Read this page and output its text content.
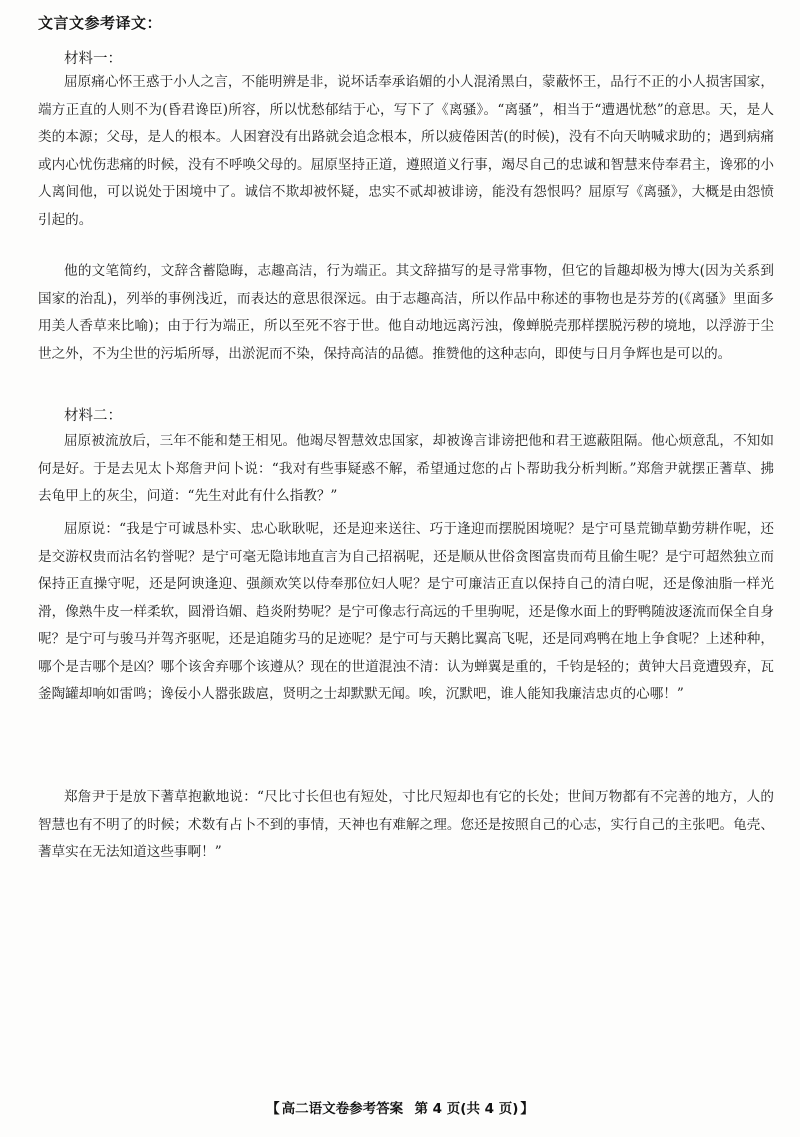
文言文参考译文：
材料一：

屈原痛心怀王惑于小人之言，不能明辨是非，说坏话奉承谄媚的小人混淆黑白，蒙蔽怀王，品行不正的小人损害国家，端方正直的人则不为(昏君谗臣)所容，所以忧愁郁结于心，写下了《离骚》。“离骚”，相当于“遭遇忧愁”的意思。天，是人类的本源；父母，是人的根本。人困窘没有出路就会追念根本，所以疲倦困苦(的时候)，没有不向天呐喊求助的；遇到病痛或内心忧伤悲痛的时候，没有不呼唤父母的。屈原坚持正道，遵照道义行事，竭尽自己的忠诚和智慧来侍奉君主，谗邪的小人离间他，可以说处于困境中了。诚信不欺却被怀疑，忠实不贰却被诽谤，能没有怨恨吗？屈原写《离骚》，大概是由怨愤引起的。

他的文笔简约，文辞含蓄隐晦，志趣高洁，行为端正。其文辞描写的是寻常事物，但它的旨趣却极为博大(因为关系到国家的治乱)，列举的事例浅近，而表达的意思很深远。由于志趣高洁，所以作品中称述的事物也是芬芳的(《离骚》里面多用美人香草来比喻)；由于行为端正，所以至死不容于世。他自动地远离污浊，像蝉脱壳那样摆脱污秽的境地，以浮游于尘世之外，不为尘世的污垢所辱，出淤泥而不染，保持高洁的品德。推赞他的这种志向，即使与日月争辉也是可以的。

材料二：

屈原被流放后，三年不能和楚王相见。他竭尽智慧效忠国家，却被谗言诽谤把他和君王遮蔽阻隔。他心烦意乱，不知如何是好。于是去见太卜郑詹尹问卜说：“我对有些事疑惑不解，希望通过您的占卜帮助我分析判断。”郑詹尹就摆正蓍草、拂去龟甲上的灰尘，问道：“先生对此有什么指教？”

屈原说：“我是宁可诚恳朴实、忠心耿耿呢，还是迎来送往、巧于逢迎而摆脱困境呢？是宁可垦荒锄草勤劳耕作呢，还是交游权贵而沽名钓誉呢？是宁可毫无隐讳地直言为自己招祸呢，还是顺从世俗贪图富贵而苟且偷生呢？是宁可超然独立而保持正直操守呢，还是阿谀逢迎、强颜欢笑以侍奉那位妇人呢？是宁可廉洁正直以保持自己的清白呢，还是像油脂一样光滑，像熟牛皮一样柔软，圆滑诌媚、趋炎附势呢？是宁可像志行高远的千里驹呢，还是像水面上的野鸭随波逐流而保全自身呢？是宁可与骏马并驾齐驱呢，还是追随劣马的足迹呢？是宁可与天鹅比翼高飞呢，还是同鸡鸭在地上争食呢？上述种种，哪个是吉哪个是凶？哪个该舍弃哪个该遵从？现在的世道混浊不清：认为蝉翼是重的，千钧是轻的；黄钟大吕竟遭毁弃，瓦釜陶罐却响如雷鸣；谗佞小人嚣张跋扈，贤明之士却默默无闻。唉，沉默吧，谁人能知我廉洁忠贞的心哪！”

郑詹尹于是放下蓍草抱歉地说：“尺比寸长但也有短处，寸比尺短却也有它的长处；世间万物都有不完善的地方，人的智慧也有不明了的时候；术数有占卜不到的事情，天神也有难解之理。您还是按照自己的心志，实行自己的主张吧。龟壳、蓍草实在无法知道这些事啊！”

【 高二语文卷参考答案 第 4 页(共 4 页) 】
